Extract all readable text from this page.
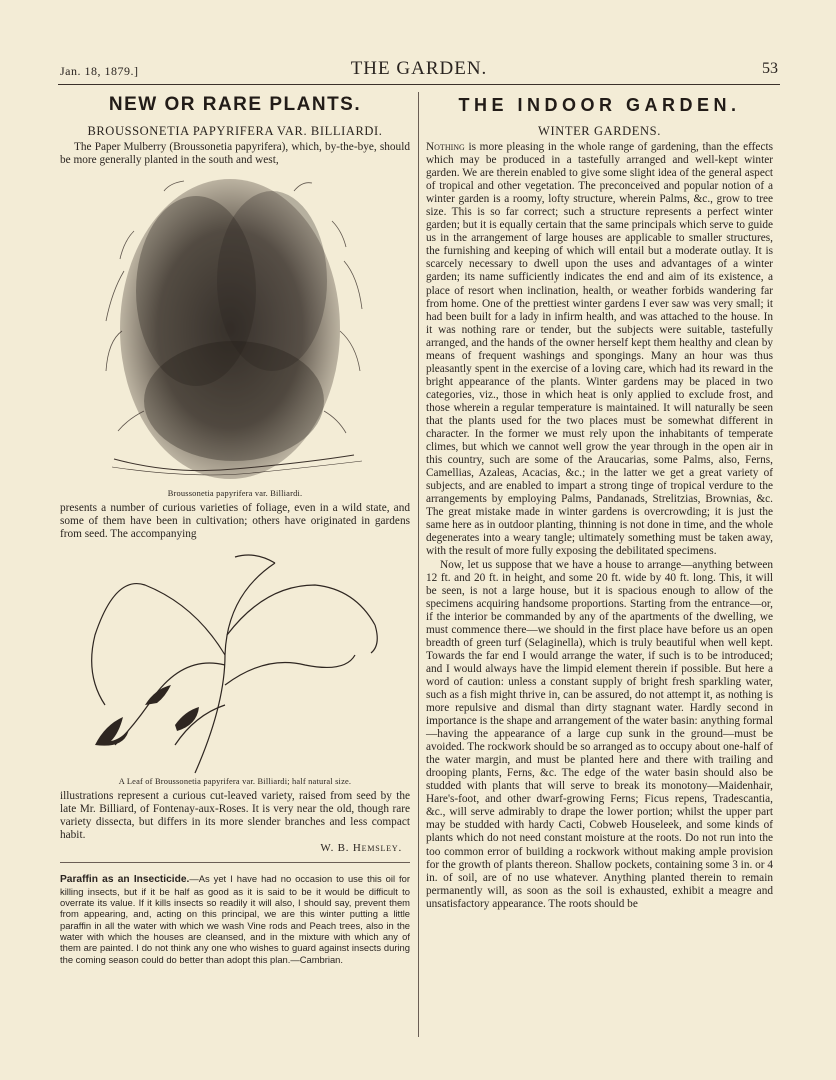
Jan. 18, 1879.]	THE GARDEN.	53
NEW OR RARE PLANTS.
BROUSSONETIA PAPYRIFERA VAR. BILLIARDI.

The Paper Mulberry (Broussonetia papyrifera), which, by-the-bye, should be more generally planted in the south and west,

Broussonetia papyrifera var. Billiardi.

presents a number of curious varieties of foliage, even in a wild state, and some of them have been in cultivation; others have originated in gardens from seed. The accompanying

A Leaf of Broussonetia papyrifera var. Billiardi; half natural size.

illustrations represent a curious cut-leaved variety, raised from seed by the late Mr. Billiard, of Fontenay-aux-Roses. It is very near the old, though rare variety dissecta, but differs in its more slender branches and less compact habit.

W. B. Hemsley.

Paraffin as an Insecticide.—As yet I have had no occasion to use this oil for killing insects, but if it be half as good as it is said to be it would be difficult to overrate its value. If it kills insects so readily it will also, I should say, prevent them from appearing, and, acting on this principal, we are this winter putting a little paraffin in all the water with which we wash Vine rods and Peach trees, also in the water with which the houses are cleansed, and in the mixture with which any of them are painted. I do not think any one who wishes to guard against insects during the coming season could do better than adopt this plan.—Cambrian.

THE INDOOR GARDEN.
WINTER GARDENS.

Nothing is more pleasing in the whole range of gardening, than the effects which may be produced in a tastefully arranged and well-kept winter garden. We are therein enabled to give some slight idea of the general aspect of tropical and other vegetation. The preconceived and popular notion of a winter garden is a roomy, lofty structure, wherein Palms, &c., grow to tree size. This is so far correct; such a structure represents a perfect winter garden; but it is equally certain that the same principals which serve to guide us in the arrangement of large houses are applicable to smaller structures, the furnishing and keeping of which will entail but a moderate outlay. It is scarcely necessary to dwell upon the uses and advantages of a winter garden; its name sufficiently indicates the end and aim of its existence, a place of resort when inclination, health, or weather forbids wandering far from home. One of the prettiest winter gardens I ever saw was very small; it had been built for a lady in infirm health, and was attached to the house. In it was nothing rare or tender, but the subjects were suitable, tastefully arranged, and the hands of the owner herself kept them healthy and clean by means of frequent washings and spongings. Many an hour was thus pleasantly spent in the exercise of a loving care, which had its reward in the bright appearance of the plants. Winter gardens may be placed in two categories, viz., those in which heat is only applied to exclude frost, and those wherein a regular temperature is maintained. It will naturally be seen that the plants used for the two places must be somewhat different in character. In the former we must rely upon the inhabitants of temperate climes, but which we cannot well grow the year through in the open air in this country, such are some of the Araucarias, some Palms, also, Ferns, Camellias, Azaleas, Acacias, &c.; in the latter we get a great variety of subjects, and are enabled to impart a strong tinge of tropical verdure to the arrangements by employing Palms, Pandanads, Strelitzias, Brownias, &c. The great mistake made in winter gardens is overcrowding; it is just the same here as in outdoor planting, thinning is not done in time, and the whole degenerates into a weary tangle; ultimately something must be taken away, with the result of more fully exposing the debilitated specimens.

Now, let us suppose that we have a house to arrange—anything between 12 ft. and 20 ft. in height, and some 20 ft. wide by 40 ft. long. This, it will be seen, is not a large house, but it is spacious enough to allow of the specimens acquiring handsome proportions. Starting from the entrance—or, if the interior be commanded by any of the apartments of the dwelling, we must commence there—we should in the first place have before us an open breadth of green turf (Selaginella), which is truly beautiful when well kept. Towards the far end I would arrange the water, if such is to be introduced; and I would always have the limpid element therein if possible. But here a word of caution: unless a constant supply of bright fresh sparkling water, such as a fish might thrive in, can be assured, do not attempt it, as nothing is more repulsive and dismal than dirty stagnant water. Hardly second in importance is the shape and arrangement of the water basin: anything formal—having the appearance of a large cup sunk in the ground—must be avoided. The rockwork should be so arranged as to occupy about one-half of the water margin, and must be planted here and there with trailing and drooping plants, Ferns, &c. The edge of the water basin should also be studded with plants that will serve to break its monotony—Maidenhair, Hare's-foot, and other dwarf-growing Ferns; Ficus repens, Tradescantia, &c., will serve admirably to drape the lower portion; whilst the upper part may be studded with hardy Cacti, Cobweb Houseleek, and some kinds of plants which do not need constant moisture at the roots. Do not run into the too common error of building a rockwork without making ample provision for the growth of plants thereon. Shallow pockets, containing some 3 in. or 4 in. of soil, are of no use whatever. Anything planted therein to remain permanently will, as soon as the soil is exhausted, exhibit a meagre and unsatisfactory appearance. The roots should be
